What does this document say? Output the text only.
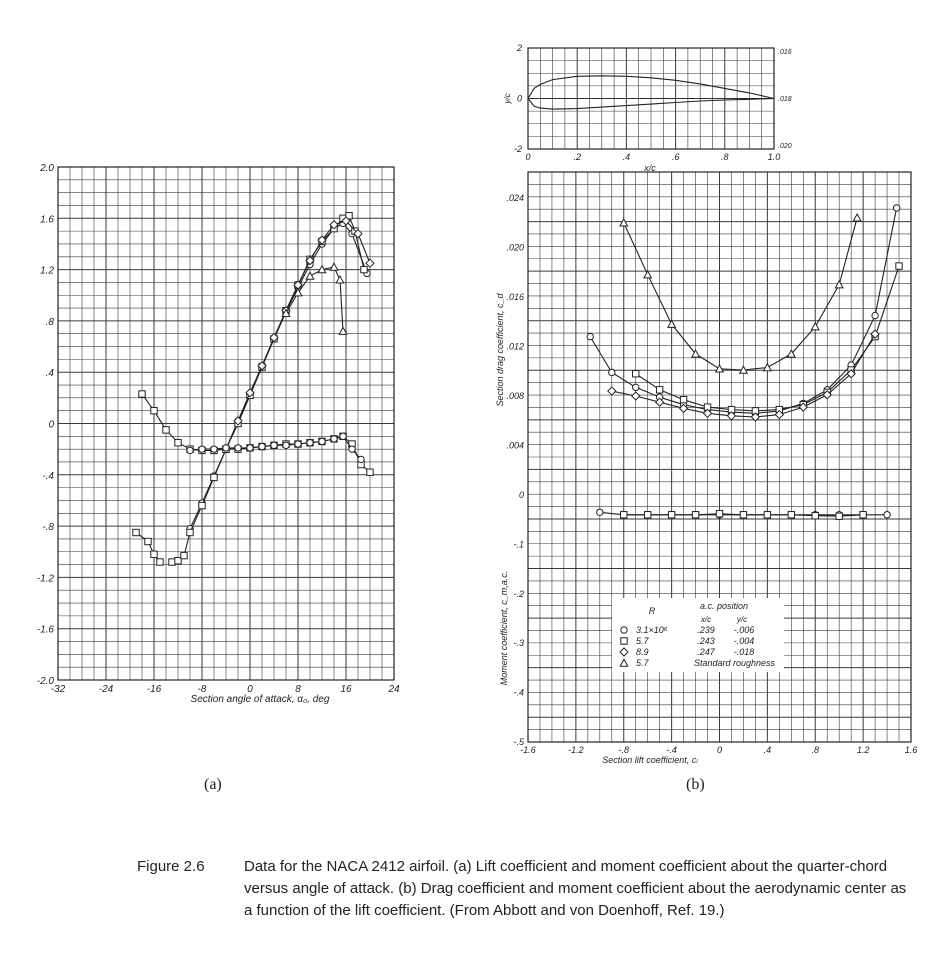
-32	-24	-16	-8	0	8	16	24
2.0
1.6
1.2
.8
.4
0
-.4
-.8
-1.2
-1.6
-2.0
Section angle of attack, α₀, deg
0	.2	.4	.6	.8	1.0
2
0
-2
.016
.018
.020
x/c
y/c
-1.6	-1.2	-.8	-.4	0	.4	.8	1.2	1.6
.024
.020
.016
.012
.008
.004
0
-.1
-.2
-.3
-.4
-.5
Section lift coefficient, cₗ
Section drag coefficient, c_d
Moment coefficient, c_m,a.c.	R	a.c. position
x/c	y/c
3.1×10⁶	.239 -.006
5.7	.243 -.004
8.9	.247 -.018
5.7	Standard roughness
(a)	(b)
Figure 2.6	Data for the NACA 2412 airfoil. (a) Lift coefficient and moment coefficient about the quarter-chord versus angle of attack. (b) Drag coefficient and moment coefficient about the aerodynamic center as a function of the lift coefficient. (From Abbott and von Doenhoff, Ref. 19.)
